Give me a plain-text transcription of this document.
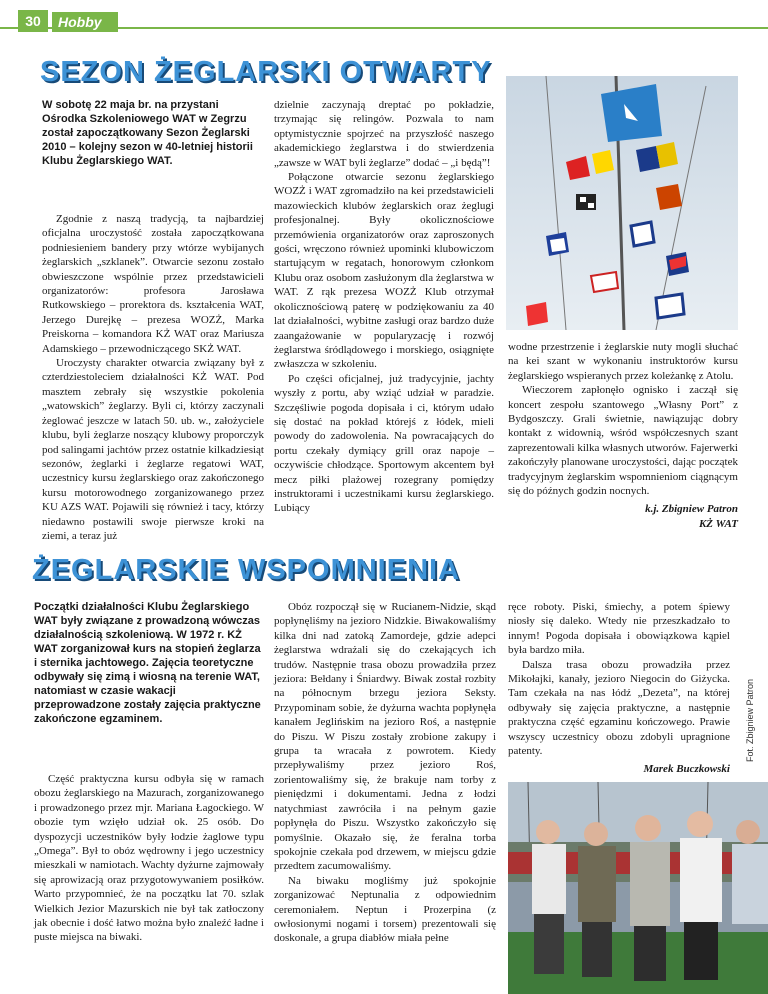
30	Hobby
SEZON ŻEGLARSKI OTWARTY

W sobotę 22 maja br. na przystani Ośrodka Szkoleniowego WAT w Zegrzu został zapoczątkowany Sezon Żeglarski 2010 – kolejny sezon w 40-letniej historii Klubu Żeglarskiego WAT.

Zgodnie z naszą tradycją, ta najbardziej oficjalna uroczystość została zapoczątkowana podniesieniem bandery przy wtórze wybijanych żeglarskich „szklanek”. Otwarcie sezonu zostało obwieszczone wspólnie przez przedstawicieli organizatorów: profesora Jarosława Rutkowskiego – prorektora ds. kształcenia WAT, Jerzego Durejkę – prezesa WOZŻ, Marka Preiskorna – komandora KŻ WAT oraz Mariusza Adamskiego – przewodniczącego SKŻ WAT.

Uroczysty charakter otwarcia związany był z czterdziestoleciem działalności KŻ WAT. Pod masztem zebrały się wszystkie pokolenia „watowskich” żeglarzy. Byli ci, którzy zaczynali żeglować jeszcze w latach 50. ub. w., założyciele klubu, byli żeglarze noszący klubowy proporczyk pod salingami jachtów przez ostatnie kilkadziesiąt sezonów, żeglarki i żeglarze regatowi WAT, uczestnicy kursu żeglarskiego oraz zakończonego kursu motorowodnego zorganizowanego przez KU AZS WAT. Pojawili się również i tacy, którzy niedawno postawili swoje pierwsze kroki na ziemi, a teraz już

dzielnie zaczynają dreptać po pokładzie, trzymając się relingów. Pozwala to nam optymistycznie spojrzeć na przyszłość naszego akademickiego żeglarstwa i do stwierdzenia „zawsze w WAT byli żeglarze” dodać – „i będą”!

Połączone otwarcie sezonu żeglarskiego WOZŻ i WAT zgromadziło na kei przedstawicieli mazowieckich klubów żeglarskich oraz żeglugi profesjonalnej. Były okolicznościowe przemówienia organizatorów oraz zaproszonych gości, wręczono również upominki klubowiczom startującym w regatach, honorowym członkom Klubu oraz osobom zasłużonym dla żeglarstwa w WAT. Z rąk prezesa WOZŻ Klub otrzymał okolicznościową paterę w podziękowaniu za 40 lat działalności, wybitne zasługi oraz bardzo duże zaangażowanie w popularyzację i rozwój żeglarstwa śródlądowego i morskiego, osiągnięte zwłaszcza w szkoleniu.

Po części oficjalnej, już tradycyjnie, jachty wyszły z portu, aby wziąć udział w paradzie. Szczęśliwie pogoda dopisała i ci, którym udało się dostać na pokład którejś z łódek, mieli powody do zadowolenia. Na powracających do portu czekały dymiący grill oraz napoje – oczywiście chłodzące. Sportowym akcentem był mecz piłki plażowej rozegrany pomiędzy instruktorami i uczestnikami kursu żeglarskiego. Lubiący

wodne przestrzenie i żeglarskie nuty mogli słuchać na kei szant w wykonaniu instruktorów kursu żeglarskiego wspieranych przez koleżankę z Atolu.

Wieczorem zapłonęło ognisko i zaczął się koncert zespołu szantowego „Własny Port” z Bydgoszczy. Grali świetnie, nawiązując dobry kontakt z widownią, wśród współczesnych szant zaprezentowali kilka własnych utworów. Fajerwerki zakończyły planowane uroczystości, dając początek tradycyjnym żeglarskim wspomnieniom ciągnącym się do późnych godzin nocnych.

k.j. Zbigniew Patron

KŻ WAT

ŻEGLARSKIE WSPOMNIENIA

Początki działalności Klubu Żeglarskiego WAT były związane z prowadzoną wówczas działalnością szkoleniową. W 1972 r. KŻ WAT zorganizował kurs na stopień żeglarza i sternika jachtowego. Zajęcia teoretyczne odbywały się zimą i wiosną na terenie WAT, natomiast w czasie wakacji przeprowadzone zostały zajęcia praktyczne zakończone egzaminem.

Część praktyczna kursu odbyła się w ramach obozu żeglarskiego na Mazurach, zorganizowanego i prowadzonego przez mjr. Mariana Łagockiego. W obozie tym wzięło udział ok. 25 osób. Do dyspozycji uczestników były łodzie żaglowe typu „Omega”. Był to obóz wędrowny i jego uczestnicy mieszkali w namiotach. Wachty dyżurne zajmowały się aprowizacją oraz przygotowywaniem posiłków. Warto przypomnieć, że na początku lat 70. szlak Wielkich Jezior Mazurskich nie był tak zatłoczony jak obecnie i dość łatwo można było znaleźć ładne i puste miejsca na biwaki.

Obóz rozpoczął się w Rucianem-Nidzie, skąd popłynęliśmy na jezioro Nidzkie. Biwakowaliśmy kilka dni nad zatoką Zamordeje, gdzie adepci żeglarstwa wdrażali się do czekających ich trudów. Następnie trasa obozu prowadziła przez jeziora: Bełdany i Śniardwy. Biwak został rozbity na północnym brzegu jeziora Seksty. Przypominam sobie, że dyżurna wachta popłynęła kanałem Jeglińskim na jezioro Roś, a następnie do Piszu. W Piszu zostały zrobione zakupy i grupa ta wracała z powrotem. Kiedy przepływaliśmy przez jezioro Roś, zorientowaliśmy się, że brakuje nam torby z pieniędzmi i dokumentami. Jedna z łodzi natychmiast zawróciła i na pełnym gazie popłynęła do Piszu. Wszystko zakończyło się pomyślnie. Okazało się, że feralna torba spokojnie czekała pod drzewem, w miejscu gdzie przedtem zacumowaliśmy.

Na biwaku mogliśmy już spokojnie zorganizować Neptunalia z odpowiednim ceremoniałem. Neptun i Prozerpina (z owłosionymi nogami i torsem) prezentowali się doskonale, a grupa diabłów miała pełne

ręce roboty. Piski, śmiechy, a potem śpiewy niosły się daleko. Wtedy nie przeszkadzało to innym! Pogoda dopisała i obowiązkowa kąpiel była bardzo miła.

Dalsza trasa obozu prowadziła przez Mikołajki, kanały, jezioro Niegocin do Giżycka. Tam czekała na nas łódź „Dezeta”, na której odbywały się zajęcia praktyczne, a następnie praktyczna część egzaminu kończowego. Prawie wszyscy uczestnicy obozu zdobyli upragnione patenty.

Marek Buczkowski

Fot. Zbigniew Patron
